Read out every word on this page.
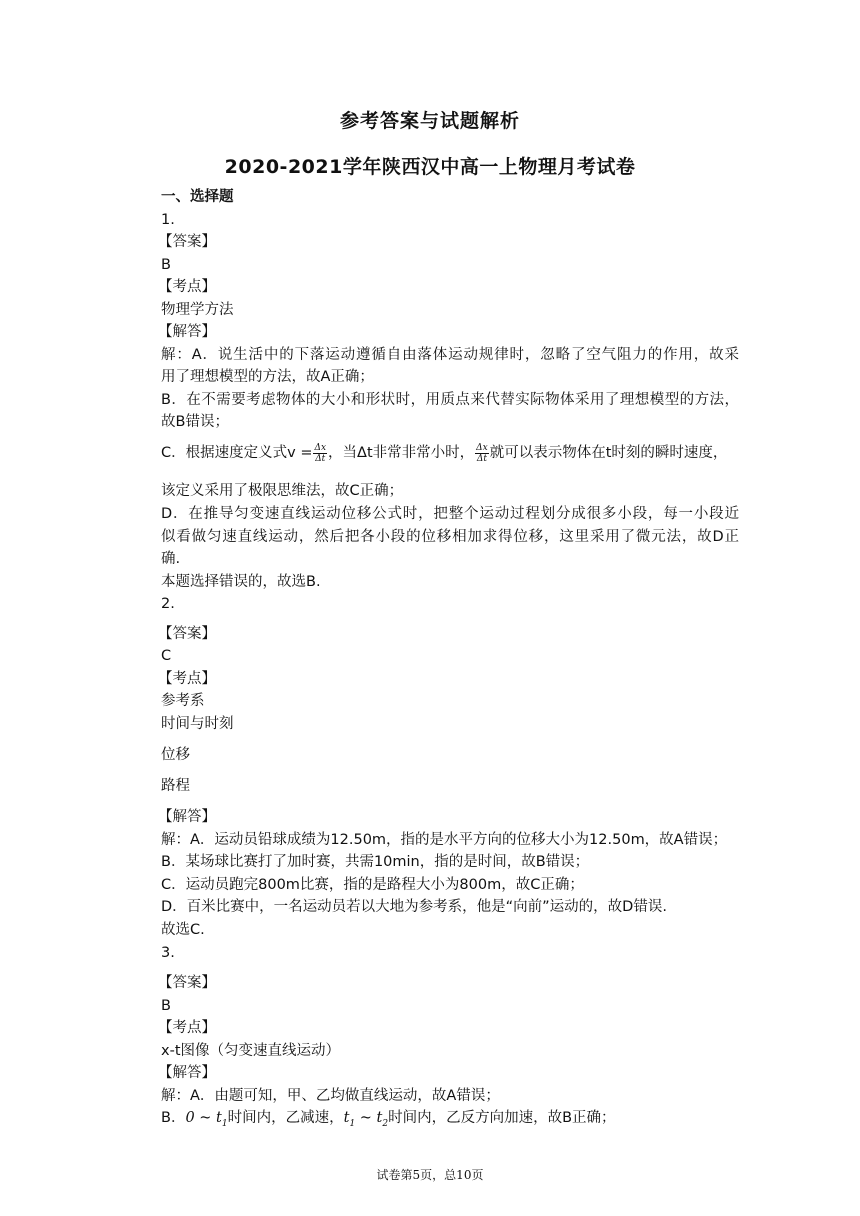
参考答案与试题解析
2020-2021学年陕西汉中高一上物理月考试卷
一、选择题
1.
【答案】
B
【考点】
物理学方法
【解答】
解：A．说生活中的下落运动遵循自由落体运动规律时，忽略了空气阻力的作用，故采
用了理想模型的方法，故A正确；
B．在不需要考虑物体的大小和形状时，用质点来代替实际物体采用了理想模型的方法，
故B错误；
C．根据速度定义式$v = \frac{\Delta x}{\Delta t}$ ，当Δt非常非常小时， $\frac{\Delta x}{\Delta t}$ 就可以表示物体在t时刻的瞬时速度，
该定义采用了极限思维法，故C正确；
D．在推导匀变速直线运动位移公式时，把整个运动过程划分成很多小段，每一小段近
似看做匀速直线运动，然后把各小段的位移相加求得位移，这里采用了微元法，故D正
确.
本题选择错误的，故选B.
2.
【答案】
C
【考点】
参考系
时间与时刻
位移
路程
【解答】
解：A．运动员铅球成绩为12.50m，指的是水平方向的位移大小为12.50m，故A错误；
B．某场球比赛打了加时赛，共需10min，指的是时间，故B错误；
C．运动员跑完800m比赛，指的是路程大小为800m，故C正确；
D．百米比赛中，一名运动员若以大地为参考系，他是“向前”运动的，故D错误.
故选C.
3.
【答案】
B
【考点】
x-t图像（匀变速直线运动）
【解答】
解：A．由题可知，甲、乙均做直线运动，故A错误；
B．0 ~ $t_1$时间内，乙减速，$t_1$ ~ $t_2$时间内，乙反方向加速，故B正确；
试卷第5页，总10页
